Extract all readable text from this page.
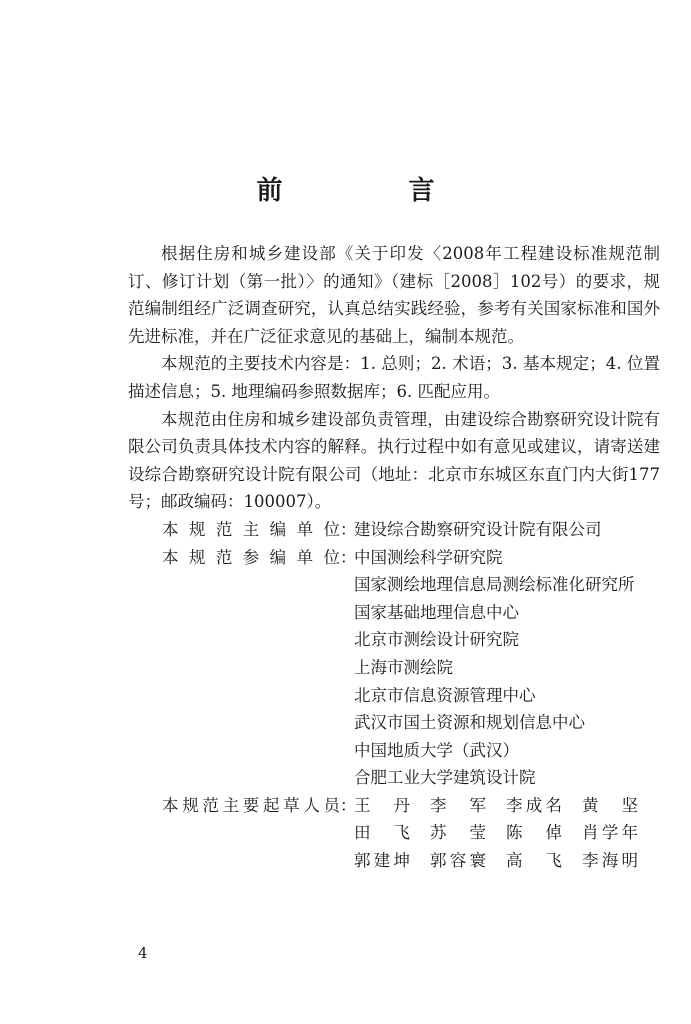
前　言

根据住房和城乡建设部《关于印发〈2008年工程建设标准规范制订、修订计划（第一批）〉的通知》（建标［2008］102号）的要求，规范编制组经广泛调查研究，认真总结实践经验，参考有关国家标准和国外先进标准，并在广泛征求意见的基础上，编制本规范。

本规范的主要技术内容是：1. 总则；2. 术语；3. 基本规定；4. 位置描述信息；5. 地理编码参照数据库；6. 匹配应用。

本规范由住房和城乡建设部负责管理，由建设综合勘察研究设计院有限公司负责具体技术内容的解释。执行过程中如有意见或建议，请寄送建设综合勘察研究设计院有限公司（地址：北京市东城区东直门内大街177号；邮政编码：100007）。

本规范主编单位 ：
建设综合勘察研究设计院有限公司
本规范参编单位 ：
中国测绘科学研究院
国家测绘地理信息局测绘标准化研究所
国家基础地理信息中心
北京市测绘设计研究院
上海市测绘院
北京市信息资源管理中心
武汉市国土资源和规划信息中心
中国地质大学（武汉）
合肥工业大学建筑设计院
本规范主要起草人员 ：
王　丹 李　军 李成名 黄　坚
田　飞 苏　莹 陈　倬 肖学年
郭建坤 郭容寰 高　飞 李海明
4
